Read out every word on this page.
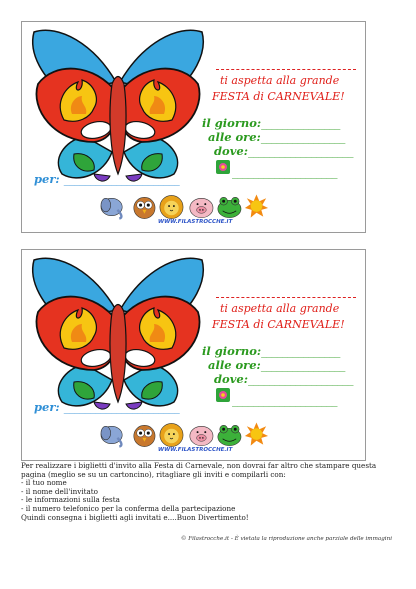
ti aspetta alla grande
FESTA di CARNEVALE!
il giorno:_______________
alle ore:________________
dove:____________________
____________________
per: ______________________
WWW.FILASTROCCHE.IT
ti aspetta alla grande
FESTA di CARNEVALE!
il giorno:_______________
alle ore:________________
dove:____________________
____________________
per: ______________________
WWW.FILASTROCCHE.IT

Per realizzare i biglietti d'invito alla Festa di Carnevale, non dovrai far altro che stampare questa pagina (meglio se su un cartoncino), ritagliare gli inviti e compilarli con:

- il tuo nome
- il nome dell'invitato
- le informazioni sulla festa
- il numero telefonico per la conferma della partecipazione

Quindi consegna i biglietti agli invitati e....Buon Divertimento!

© Filastrocche.it - È vietata la riproduzione anche parziale delle immagini
